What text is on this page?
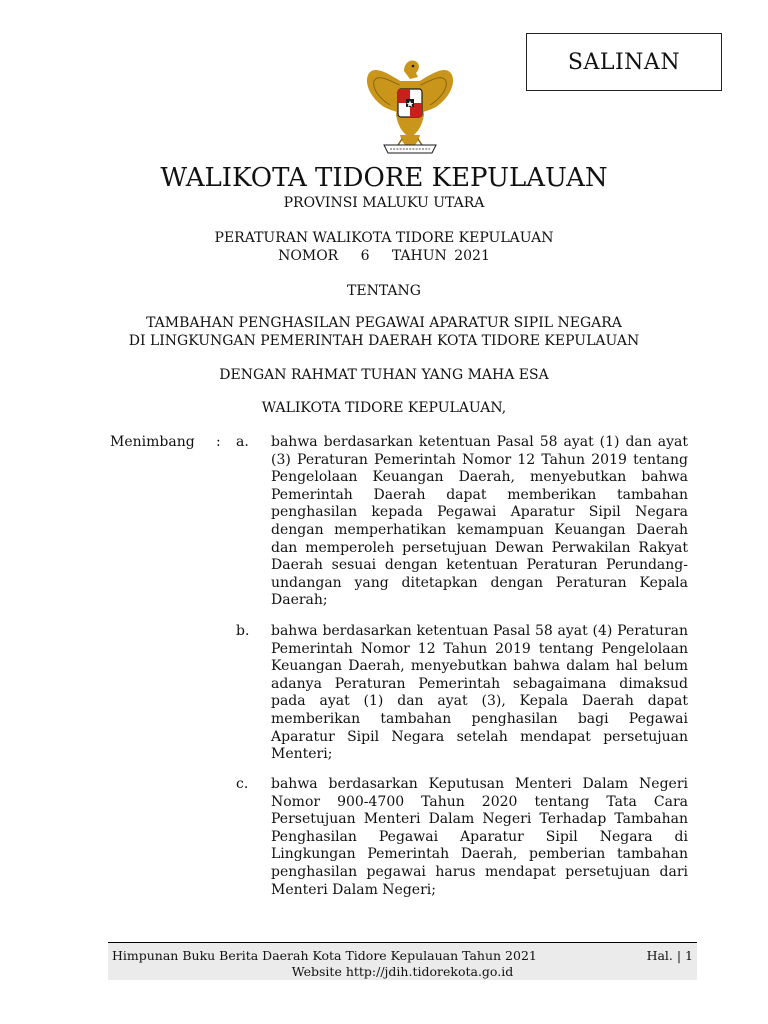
SALINAN
WALIKOTA TIDORE KEPULAUAN
PROVINSI MALUKU UTARA
PERATURAN WALIKOTA TIDORE KEPULAUAN
NOMOR   6   TAHUN 2021
TENTANG
TAMBAHAN PENGHASILAN PEGAWAI APARATUR SIPIL NEGARA
DI LINGKUNGAN PEMERINTAH DAERAH KOTA TIDORE KEPULAUAN
DENGAN RAHMAT TUHAN YANG MAHA ESA
WALIKOTA TIDORE KEPULAUAN,
Menimbang : a. bahwa berdasarkan ketentuan Pasal 58 ayat (1) dan ayat (3) Peraturan Pemerintah Nomor 12 Tahun 2019 tentang Pengelolaan Keuangan Daerah, menyebutkan bahwa Pemerintah Daerah dapat memberikan tambahan penghasilan kepada Pegawai Aparatur Sipil Negara dengan memperhatikan kemampuan Keuangan Daerah dan memperoleh persetujuan Dewan Perwakilan Rakyat Daerah sesuai dengan ketentuan Peraturan Perundang-undangan yang ditetapkan dengan Peraturan Kepala Daerah;
b. bahwa berdasarkan ketentuan Pasal 58 ayat (4) Peraturan Pemerintah Nomor 12 Tahun 2019 tentang Pengelolaan Keuangan Daerah, menyebutkan bahwa dalam hal belum adanya Peraturan Pemerintah sebagaimana dimaksud pada ayat (1) dan ayat (3), Kepala Daerah dapat memberikan tambahan penghasilan bagi Pegawai Aparatur Sipil Negara setelah mendapat persetujuan Menteri;
c. bahwa berdasarkan Keputusan Menteri Dalam Negeri Nomor 900-4700 Tahun 2020 tentang Tata Cara Persetujuan Menteri Dalam Negeri Terhadap Tambahan Penghasilan Pegawai Aparatur Sipil Negara di Lingkungan Pemerintah Daerah, pemberian tambahan penghasilan pegawai harus mendapat persetujuan dari Menteri Dalam Negeri;
Himpunan Buku Berita Daerah Kota Tidore Kepulauan Tahun 2021	Hal. | 1
Website http://jdih.tidorekota.go.id
